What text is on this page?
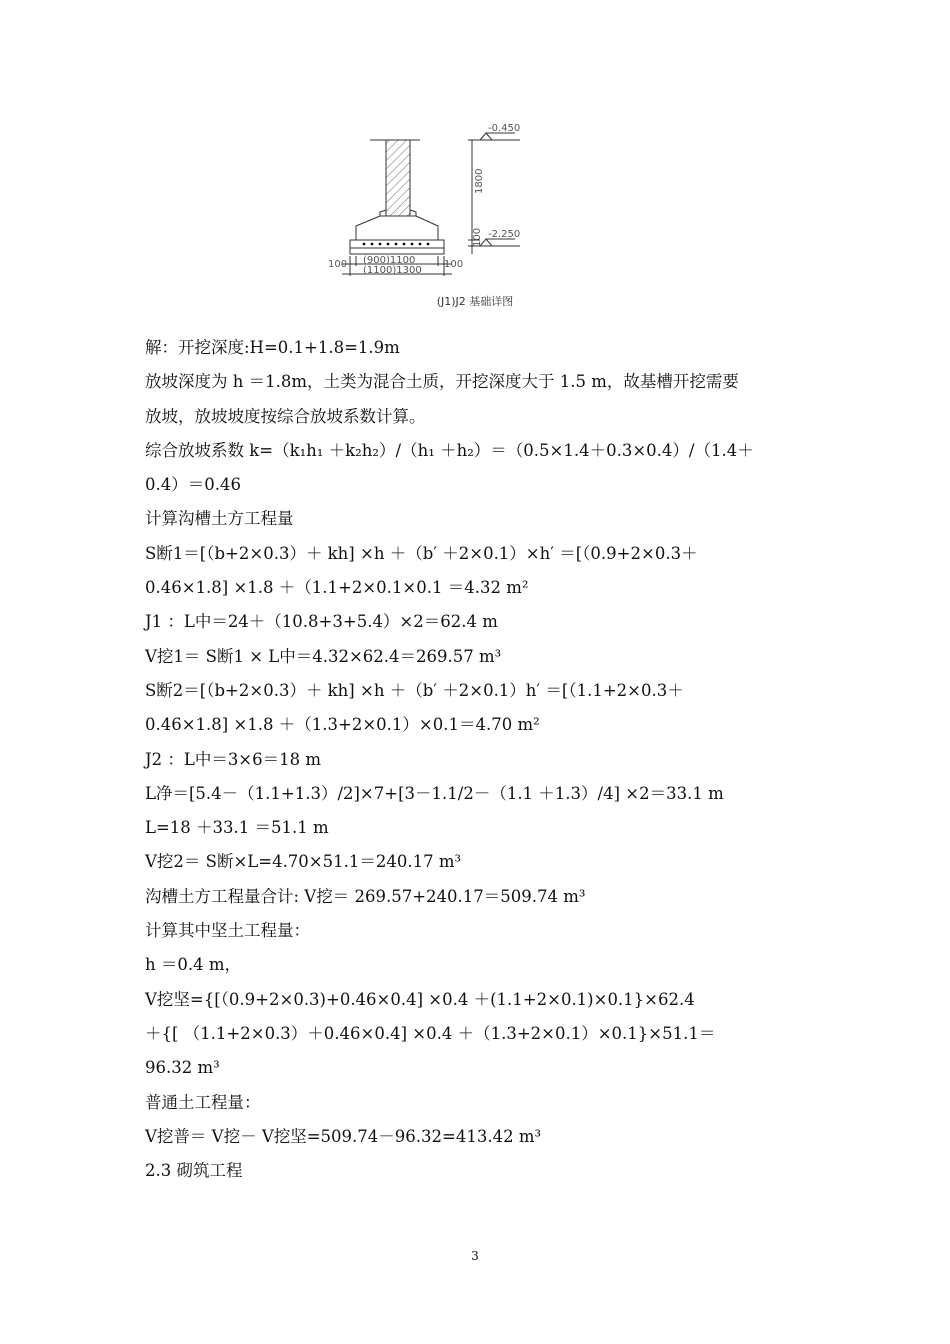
-0.450
-2.250
1800
100
100	100
(900)1100
(1100)1300
(J1)J2 基础详图
解：开挖深度:H=0.1+1.8=1.9m
放坡深度为 h ＝1.8m，土类为混合土质，开挖深度大于 1.5 m，故基槽开挖需要
放坡，放坡坡度按综合放坡系数计算。
综合放坡系数 k=（k₁h₁ ＋k₂h₂）/（h₁ ＋h₂）＝（0.5×1.4＋0.3×0.4）/（1.4＋
0.4）＝0.46
计算沟槽土方工程量
S断1＝[（b+2×0.3）＋ kh] ×h ＋（b′ ＋2×0.1）×h′ ＝[（0.9+2×0.3＋
0.46×1.8] ×1.8 ＋（1.1+2×0.1×0.1 ＝4.32 m²
J1 ：L中＝24＋（10.8+3+5.4）×2＝62.4 m
V挖1＝ S断1 × L中＝4.32×62.4＝269.57 m³
S断2＝[（b+2×0.3）＋ kh] ×h ＋（b′ ＋2×0.1）h′ ＝[（1.1+2×0.3＋
0.46×1.8] ×1.8 ＋（1.3+2×0.1）×0.1＝4.70 m²
J2 ：L中＝3×6＝18 m
L净＝[5.4－（1.1+1.3）/2]×7+[3－1.1/2－（1.1 ＋1.3）/4] ×2＝33.1 m
L=18 ＋33.1 ＝51.1 m
V挖2＝ S断×L=4.70×51.1＝240.17 m³
沟槽土方工程量合计: V挖＝ 269.57+240.17＝509.74 m³
计算其中坚土工程量：
h ＝0.4 m，
V挖坚={[（0.9+2×0.3)+0.46×0.4] ×0.4 ＋(1.1+2×0.1)×0.1}×62.4
＋{[ （1.1+2×0.3）＋0.46×0.4] ×0.4 ＋（1.3+2×0.1）×0.1}×51.1＝
96.32 m³
普通土工程量：
V挖普＝ V挖－ V挖坚=509.74－96.32=413.42 m³
2.3 砌筑工程
3
